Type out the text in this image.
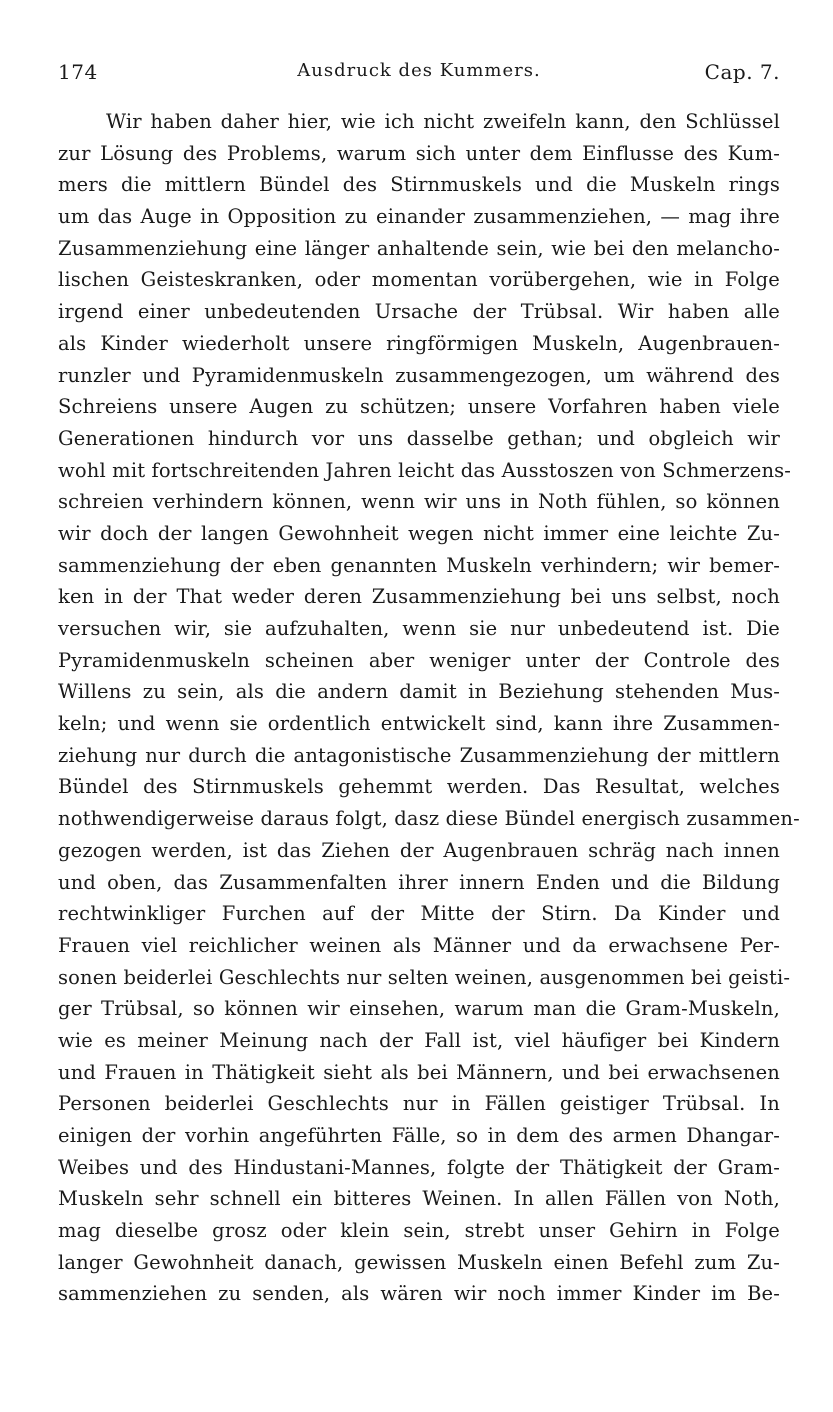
174	Ausdruck des Kummers.	Cap. 7.
Wir haben daher hier, wie ich nicht zweifeln kann, den Schlüssel
zur Lösung des Problems, warum sich unter dem Einflusse des Kum-
mers die mittlern Bündel des Stirnmuskels und die Muskeln rings
um das Auge in Opposition zu einander zusammenziehen, — mag ihre
Zusammenziehung eine länger anhaltende sein, wie bei den melancho-
lischen Geisteskranken, oder momentan vorübergehen, wie in Folge
irgend einer unbedeutenden Ursache der Trübsal. Wir haben alle
als Kinder wiederholt unsere ringförmigen Muskeln, Augenbrauen-
runzler und Pyramidenmuskeln zusammengezogen, um während des
Schreiens unsere Augen zu schützen; unsere Vorfahren haben viele
Generationen hindurch vor uns dasselbe gethan; und obgleich wir
wohl mit fortschreitenden Jahren leicht das Ausstoszen von Schmerzens-
schreien verhindern können, wenn wir uns in Noth fühlen, so können
wir doch der langen Gewohnheit wegen nicht immer eine leichte Zu-
sammenziehung der eben genannten Muskeln verhindern; wir bemer-
ken in der That weder deren Zusammenziehung bei uns selbst, noch
versuchen wir, sie aufzuhalten, wenn sie nur unbedeutend ist. Die
Pyramidenmuskeln scheinen aber weniger unter der Controle des
Willens zu sein, als die andern damit in Beziehung stehenden Mus-
keln; und wenn sie ordentlich entwickelt sind, kann ihre Zusammen-
ziehung nur durch die antagonistische Zusammenziehung der mittlern
Bündel des Stirnmuskels gehemmt werden. Das Resultat, welches
nothwendigerweise daraus folgt, dasz diese Bündel energisch zusammen-
gezogen werden, ist das Ziehen der Augenbrauen schräg nach innen
und oben, das Zusammenfalten ihrer innern Enden und die Bildung
rechtwinkliger Furchen auf der Mitte der Stirn. Da Kinder und
Frauen viel reichlicher weinen als Männer und da erwachsene Per-
sonen beiderlei Geschlechts nur selten weinen, ausgenommen bei geisti-
ger Trübsal, so können wir einsehen, warum man die Gram-Muskeln,
wie es meiner Meinung nach der Fall ist, viel häufiger bei Kindern
und Frauen in Thätigkeit sieht als bei Männern, und bei erwachsenen
Personen beiderlei Geschlechts nur in Fällen geistiger Trübsal. In
einigen der vorhin angeführten Fälle, so in dem des armen Dhangar-
Weibes und des Hindustani-Mannes, folgte der Thätigkeit der Gram-
Muskeln sehr schnell ein bitteres Weinen. In allen Fällen von Noth,
mag dieselbe grosz oder klein sein, strebt unser Gehirn in Folge
langer Gewohnheit danach, gewissen Muskeln einen Befehl zum Zu-
sammenziehen zu senden, als wären wir noch immer Kinder im Be-
